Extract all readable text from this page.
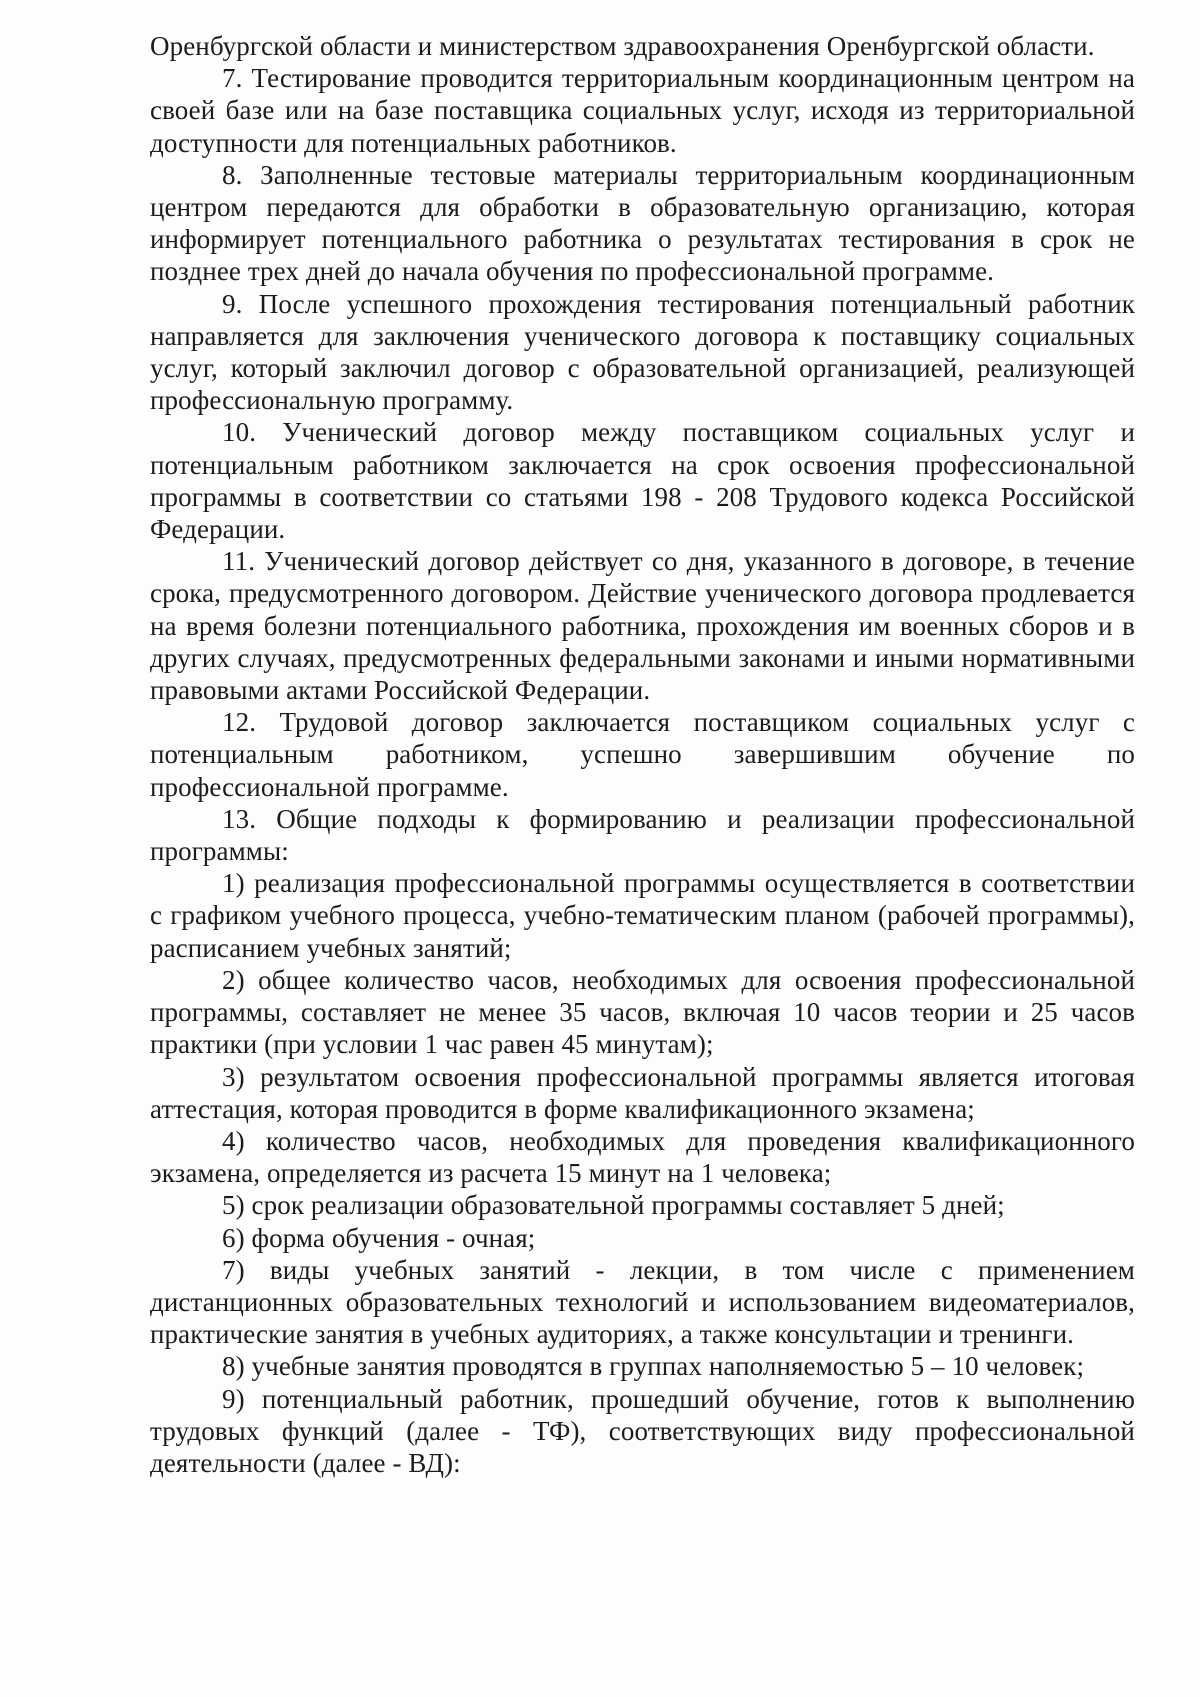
Оренбургской области и министерством здравоохранения Оренбургской области.

7. Тестирование проводится территориальным координационным центром на своей базе или на базе поставщика социальных услуг, исходя из территориальной доступности для потенциальных работников.

8. Заполненные тестовые материалы территориальным координационным центром передаются для обработки в образовательную организацию, которая информирует потенциального работника о результатах тестирования в срок не позднее трех дней до начала обучения по профессиональной программе.

9. После успешного прохождения тестирования потенциальный работник направляется для заключения ученического договора к поставщику социальных услуг, который заключил договор с образовательной организацией, реализующей профессиональную программу.

10. Ученический договор между поставщиком социальных услуг и потенциальным работником заключается на срок освоения профессиональной программы в соответствии со статьями 198 - 208 Трудового кодекса Российской Федерации.

11. Ученический договор действует со дня, указанного в договоре, в течение срока, предусмотренного договором. Действие ученического договора продлевается на время болезни потенциального работника, прохождения им военных сборов и в других случаях, предусмотренных федеральными законами и иными нормативными правовыми актами Российской Федерации.

12. Трудовой договор заключается поставщиком социальных услуг с потенциальным работником, успешно завершившим обучение по профессиональной программе.

13. Общие подходы к формированию и реализации профессиональной программы:

1) реализация профессиональной программы осуществляется в соответствии с графиком учебного процесса, учебно-тематическим планом (рабочей программы), расписанием учебных занятий;

2) общее количество часов, необходимых для освоения профессиональной программы, составляет не менее 35 часов, включая 10 часов теории и 25 часов практики (при условии 1 час равен 45 минутам);

3) результатом освоения профессиональной программы является итоговая аттестация, которая проводится в форме квалификационного экзамена;

4) количество часов, необходимых для проведения квалификационного экзамена, определяется из расчета 15 минут на 1 человека;

5) срок реализации образовательной программы составляет 5 дней;

6) форма обучения - очная;

7) виды учебных занятий - лекции, в том числе с применением дистанционных образовательных технологий и использованием видеоматериалов, практические занятия в учебных аудиториях, а также консультации и тренинги.

8) учебные занятия проводятся в группах наполняемостью 5 – 10 человек;

9) потенциальный работник, прошедший обучение, готов к выполнению трудовых функций (далее - ТФ), соответствующих виду профессиональной деятельности (далее - ВД):
